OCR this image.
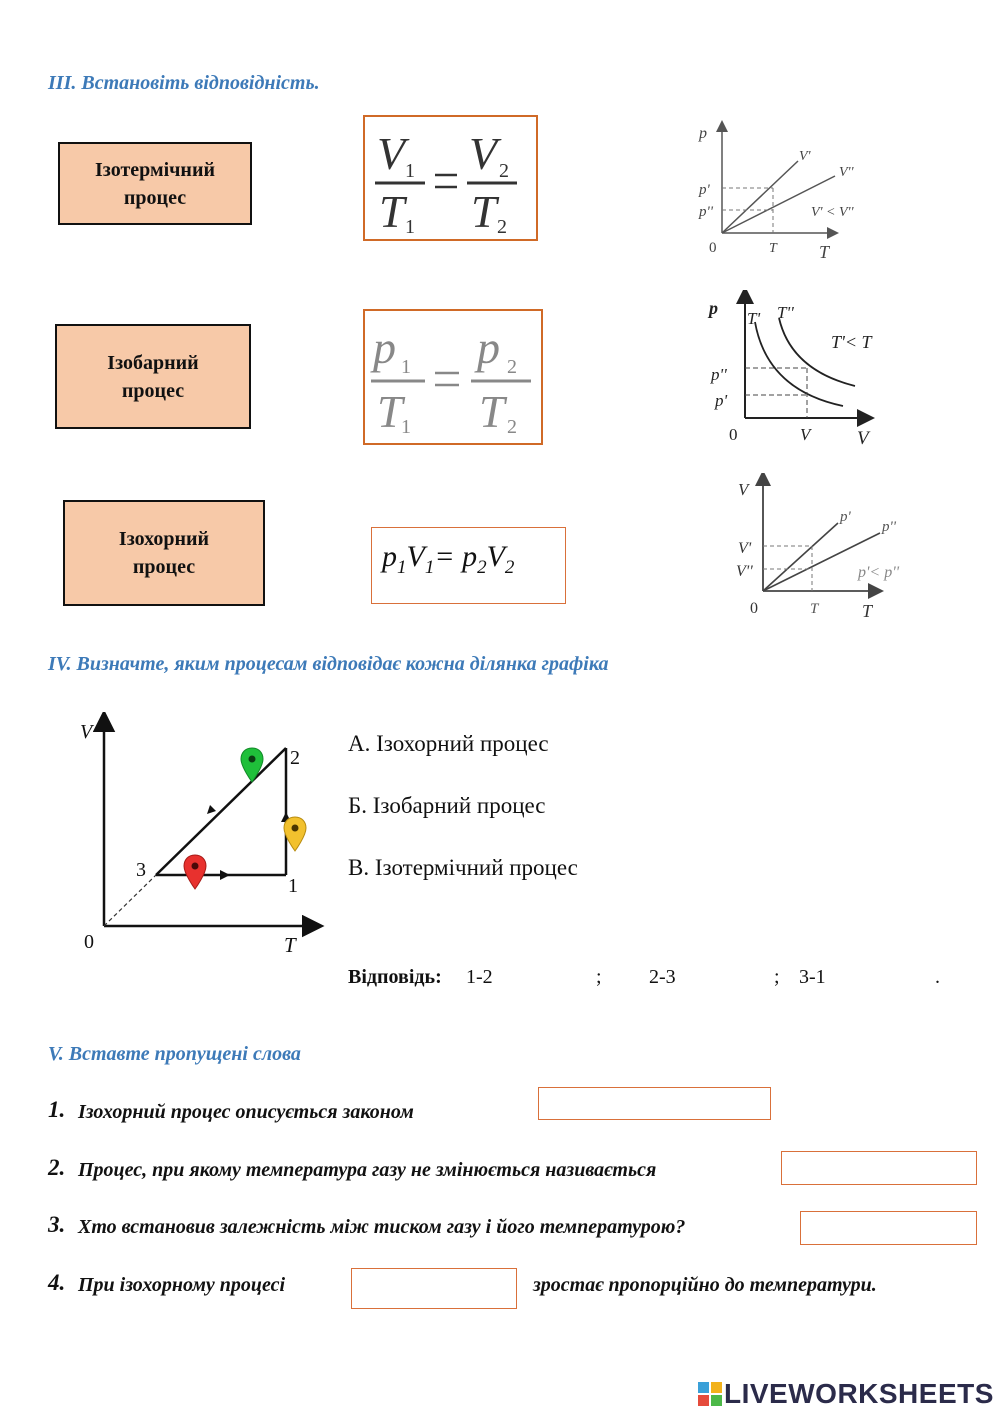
III. Встановіть відповідність.
Ізотермічний
процес
Ізобарний
процес
Ізохорний
процес
V 1
T 1
V 2
T 2
p 1
T
1
p 2
T 2
$p_1V_1= p_2V_2$
p
T
0	T
p'
p''
V'
V''
V' < V''
p
V
0	V
p''
p'
T' T''
T'< T
V
T
0	T
V'
V''
p'
p''
p'< p''
IV. Визначте, яким процесам відповідає кожна ділянка графіка
V
T
0
1
2
3
А. Ізохорний процес
Б. Ізобарний процес
В. Ізотермічний процес
Відповідь: 1-2	; 2-3	; 3-1	.
V. Вставте пропущені слова
1. Ізохорний процес описується законом
2. Процес, при якому температура газу не змінюється називається
3. Хто встановив залежність між тиском газу і його температурою?
4. При ізохорному процесі	зростає пропорційно до температури.
LIVEWORKSHEETS
